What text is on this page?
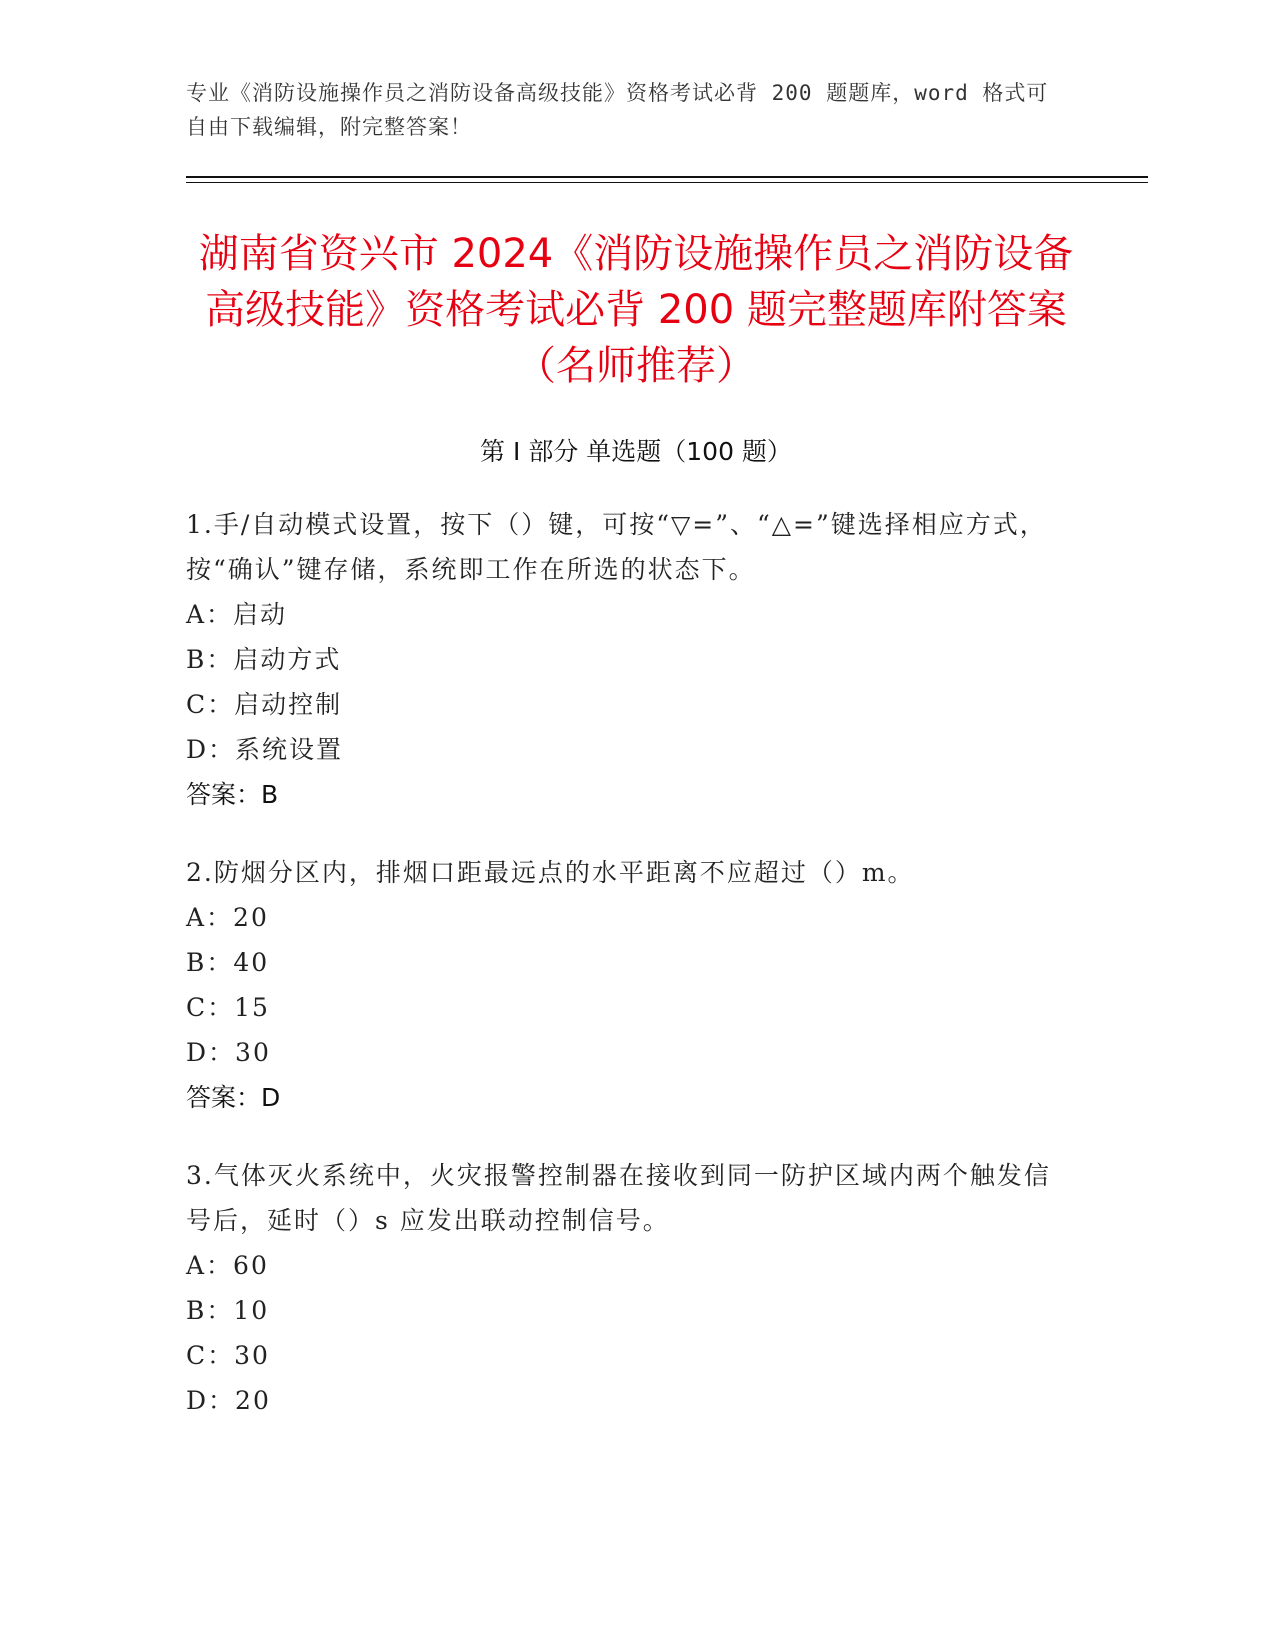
专业《消防设施操作员之消防设备高级技能》资格考试必背 200 题题库，word 格式可自由下载编辑，附完整答案！
湖南省资兴市 2024《消防设施操作员之消防设备高级技能》资格考试必背 200 题完整题库附答案（名师推荐）
第 I 部分 单选题（100 题）

1.手/自动模式设置，按下（）键，可按“▽=”、“△=”键选择相应方式，按“确认”键存储，系统即工作在所选的状态下。

A：启动

B：启动方式

C：启动控制

D：系统设置

答案：B

2.防烟分区内，排烟口距最远点的水平距离不应超过（）m。

A：20

B：40

C：15

D：30

答案：D

3.气体灭火系统中，火灾报警控制器在接收到同一防护区域内两个触发信号后，延时（）s 应发出联动控制信号。

A：60

B：10

C：30

D：20
